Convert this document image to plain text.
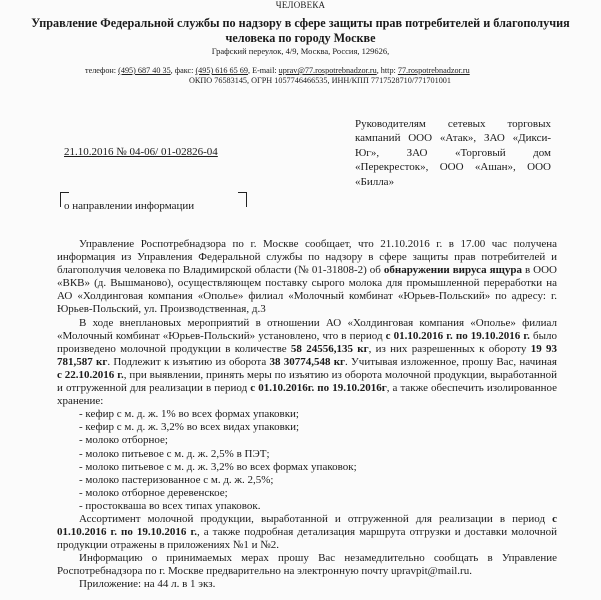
ЧЕЛОВЕКА
Управление Федеральной службы по надзору в сфере защиты прав потребителей и благополучия человека по городу Москве
Графский переулок, 4/9, Москва, Россия, 129626,
телефон: (495) 687 40 35, факс: (495) 616 65 69, E-mail: uprav@77.rospotrebnadzor.ru, http: 77.rospotrebnadzor.ru
ОКПО 76583145, ОГРН 1057746466535, ИНН/КПП 7717528710/771701001
21.10.2016 № 04-06/ 01-02826-04
Руководителям сетевых торговых кампаний ООО «Атак», ЗАО «Дикси-Юг», ЗАО «Торговый дом «Перекресток», ООО «Ашан», ООО «Билла»
о направлении информации

Управление Роспотребнадзора по г. Москве сообщает, что 21.10.2016 г. в 17.00 час получена информация из Управления Федеральной службы по надзору в сфере защиты прав потребителей и благополучия человека по Владимирской области (№ 01-31808-2) об обнаружении вируса ящура в ООО «ВКВ» (д. Вышманово), осуществляющем поставку сырого молока для промышленной переработки на АО «Холдинговая компания «Ополье» филиал «Молочный комбинат «Юрьев-Польский» по адресу: г. Юрьев-Польский, ул. Производственная, д.3

В ходе внеплановых мероприятий в отношении АО «Холдинговая компания «Ополье» филиал «Молочный комбинат «Юрьев-Польский» установлено, что в период с 01.10.2016 г. по 19.10.2016 г. было произведено молочной продукции в количестве 58 24556,135 кг, из них разрешенных к обороту 19 93 781,587 кг. Подлежит к изъятию из оборота 38 30774,548 кг. Учитывая изложенное, прошу Вас, начиная с 22.10.2016 г., при выявлении, принять меры по изъятию из оборота молочной продукции, выработанной и отгруженной для реализации в период с 01.10.2016г. по 19.10.2016г, а также обеспечить изолированное хранение:

- кефир с м. д. ж. 1% во всех формах упаковки;
- кефир с м. д. ж. 3,2% во всех видах упаковки;
- молоко отборное;
- молоко питьевое с м. д. ж. 2,5% в ПЭТ;
- молоко питьевое с м. д. ж. 3,2% во всех формах упаковок;
- молоко пастеризованное с м. д. ж. 2,5%;
- молоко отборное деревенское;
- простокваша во всех типах упаковок.

Ассортимент молочной продукции, выработанной и отгруженной для реализации в период с 01.10.2016 г. по 19.10.2016 г., а также подробная детализация маршрута отгрузки и доставки молочной продукции отражены в приложениях №1 и №2.

Информацию о принимаемых мерах прошу Вас незамедлительно сообщать в Управление Роспотребнадзора по г. Москве предварительно на электронную почту upravpit@mail.ru.

Приложение: на 44 л. в 1 экз.
